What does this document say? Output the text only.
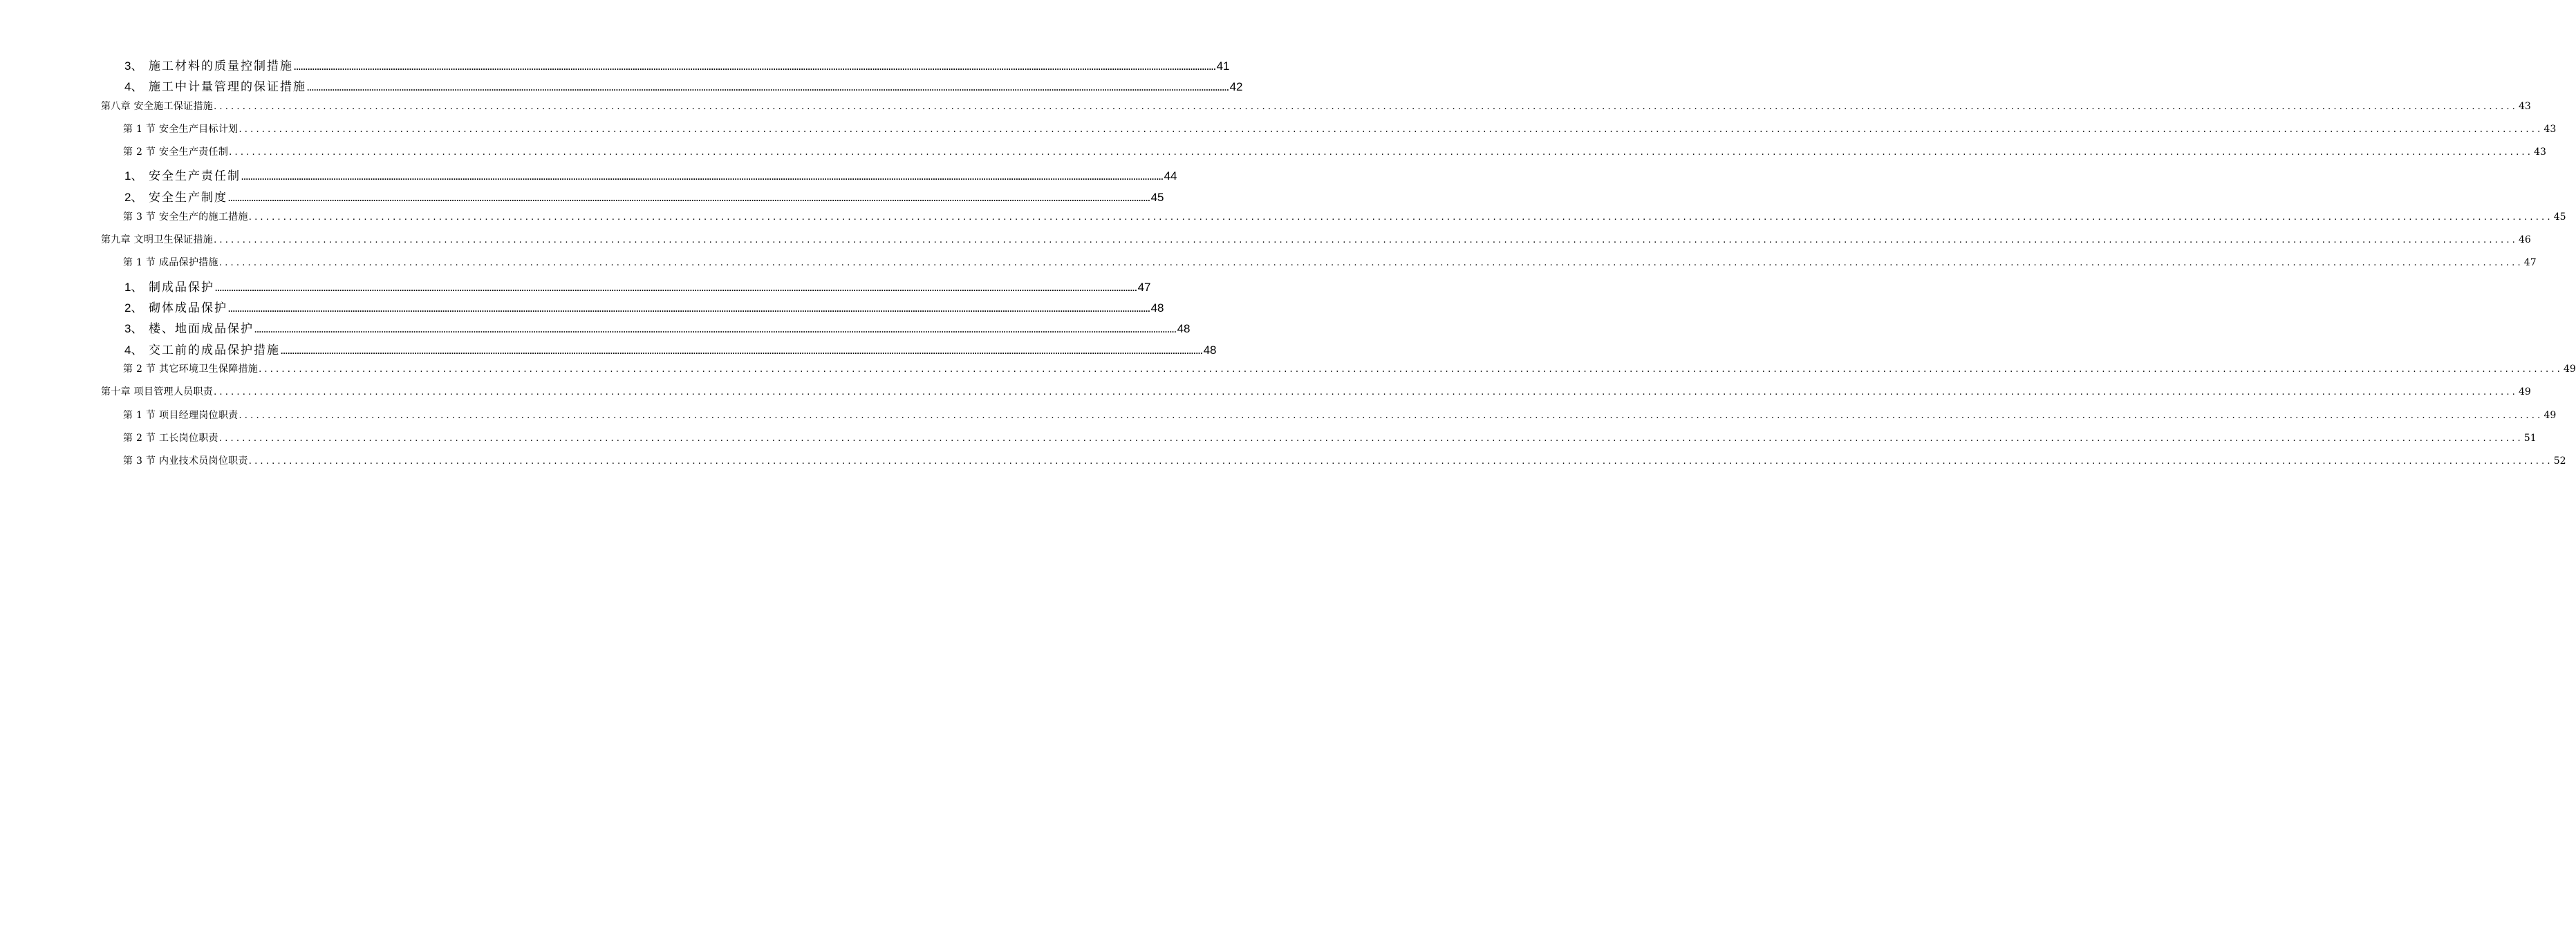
3、 施工材料的质量控制措施 ................................................................................................................................................................................................................................................................................................................................................................................................................ 41
4、 施工中计量管理的保证措施 ................................................................................................................................................................................................................................................................................................................................................................................................................ 42
第八章 安全施工保证措施 ................................................................................................................................................................................................................................................................................................................................................................................................................ 43
第 1 节 安全生产目标计划 ................................................................................................................................................................................................................................................................................................................................................................................................................ 43
第 2 节 安全生产责任制 ................................................................................................................................................................................................................................................................................................................................................................................................................ 43
1、 安全生产责任制 ................................................................................................................................................................................................................................................................................................................................................................................................................ 44
2、 安全生产制度 ................................................................................................................................................................................................................................................................................................................................................................................................................ 45
第 3 节 安全生产的施工措施 ................................................................................................................................................................................................................................................................................................................................................................................................................ 45
第九章 文明卫生保证措施 ................................................................................................................................................................................................................................................................................................................................................................................................................ 46
第 1 节 成品保护措施 ................................................................................................................................................................................................................................................................................................................................................................................................................ 47
1、 制成品保护 ................................................................................................................................................................................................................................................................................................................................................................................................................ 47
2、 砌体成品保护 ................................................................................................................................................................................................................................................................................................................................................................................................................ 48
3、 楼、地面成品保护 ................................................................................................................................................................................................................................................................................................................................................................................................................ 48
4、 交工前的成品保护措施 ................................................................................................................................................................................................................................................................................................................................................................................................................ 48
第 2 节 其它环境卫生保障措施 ................................................................................................................................................................................................................................................................................................................................................................................................................ 49
第十章 项目管理人员职责 ................................................................................................................................................................................................................................................................................................................................................................................................................ 49
第 1 节 项目经理岗位职责 ................................................................................................................................................................................................................................................................................................................................................................................................................ 49
第 2 节 工长岗位职责 ................................................................................................................................................................................................................................................................................................................................................................................................................ 51
第 3 节 内业技术员岗位职责 ................................................................................................................................................................................................................................................................................................................................................................................................................ 52
